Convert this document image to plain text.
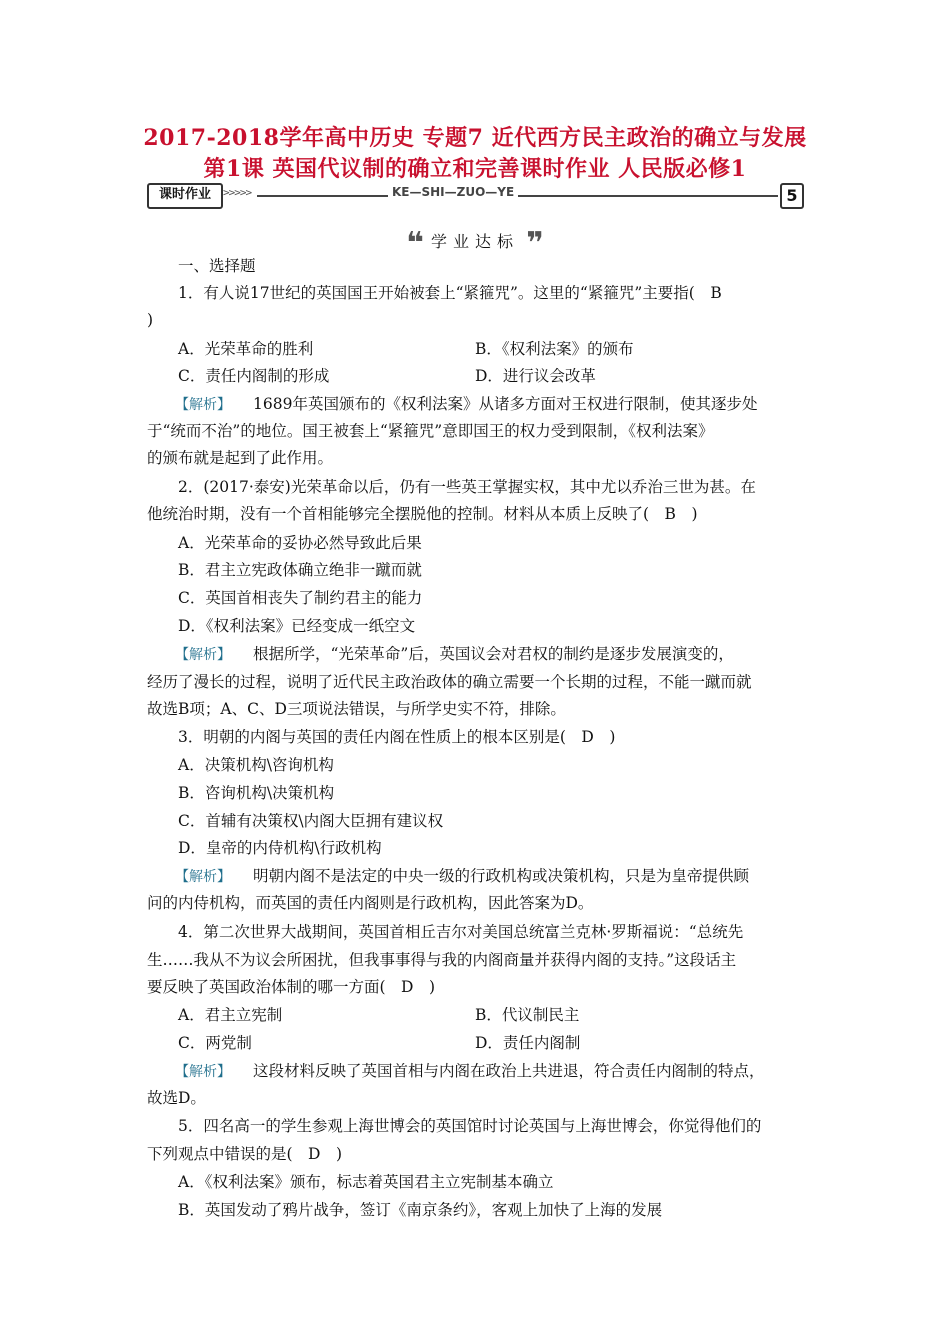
2017-2018学年高中历史 专题7 近代西方民主政治的确立与发展
第1课 英国代议制的确立和完善课时作业 人民版必修1
课时作业	>>>>>	KE—SHI—ZUO—YE	5
❝ 学业达标 ❞
一、选择题
1．有人说17世纪的英国国王开始被套上“紧箍咒”。这里的“紧箍咒”主要指(　B
)
A．光荣革命的胜利	B．《权利法案》的颁布
C．责任内阁制的形成	D．进行议会改革
【解析】 1689年英国颁布的《权利法案》从诸多方面对王权进行限制，使其逐步处
于“统而不治”的地位。国王被套上“紧箍咒”意即国王的权力受到限制，《权利法案》
的颁布就是起到了此作用。
2．(2017·泰安)光荣革命以后，仍有一些英王掌握实权，其中尤以乔治三世为甚。在
他统治时期，没有一个首相能够完全摆脱他的控制。材料从本质上反映了(　B　)
A．光荣革命的妥协必然导致此后果
B．君主立宪政体确立绝非一蹴而就
C．英国首相丧失了制约君主的能力
D．《权利法案》已经变成一纸空文
【解析】 根据所学，“光荣革命”后，英国议会对君权的制约是逐步发展演变的，
经历了漫长的过程，说明了近代民主政治政体的确立需要一个长期的过程，不能一蹴而就
故选B项；A、C、D三项说法错误，与所学史实不符，排除。
3．明朝的内阁与英国的责任内阁在性质上的根本区别是(　D　)
A．决策机构\咨询机构
B．咨询机构\决策机构
C．首辅有决策权\内阁大臣拥有建议权
D．皇帝的内侍机构\行政机构
【解析】 明朝内阁不是法定的中央一级的行政机构或决策机构，只是为皇帝提供顾
问的内侍机构，而英国的责任内阁则是行政机构，因此答案为D。
4．第二次世界大战期间，英国首相丘吉尔对美国总统富兰克林·罗斯福说：“总统先
生……我从不为议会所困扰，但我事事得与我的内阁商量并获得内阁的支持。”这段话主
要反映了英国政治体制的哪一方面(　D　)
A．君主立宪制	B．代议制民主
C．两党制	D．责任内阁制
【解析】 这段材料反映了英国首相与内阁在政治上共进退，符合责任内阁制的特点，
故选D。
5．四名高一的学生参观上海世博会的英国馆时讨论英国与上海世博会，你觉得他们的
下列观点中错误的是(　D　)
A．《权利法案》颁布，标志着英国君主立宪制基本确立
B．英国发动了鸦片战争，签订《南京条约》，客观上加快了上海的发展
